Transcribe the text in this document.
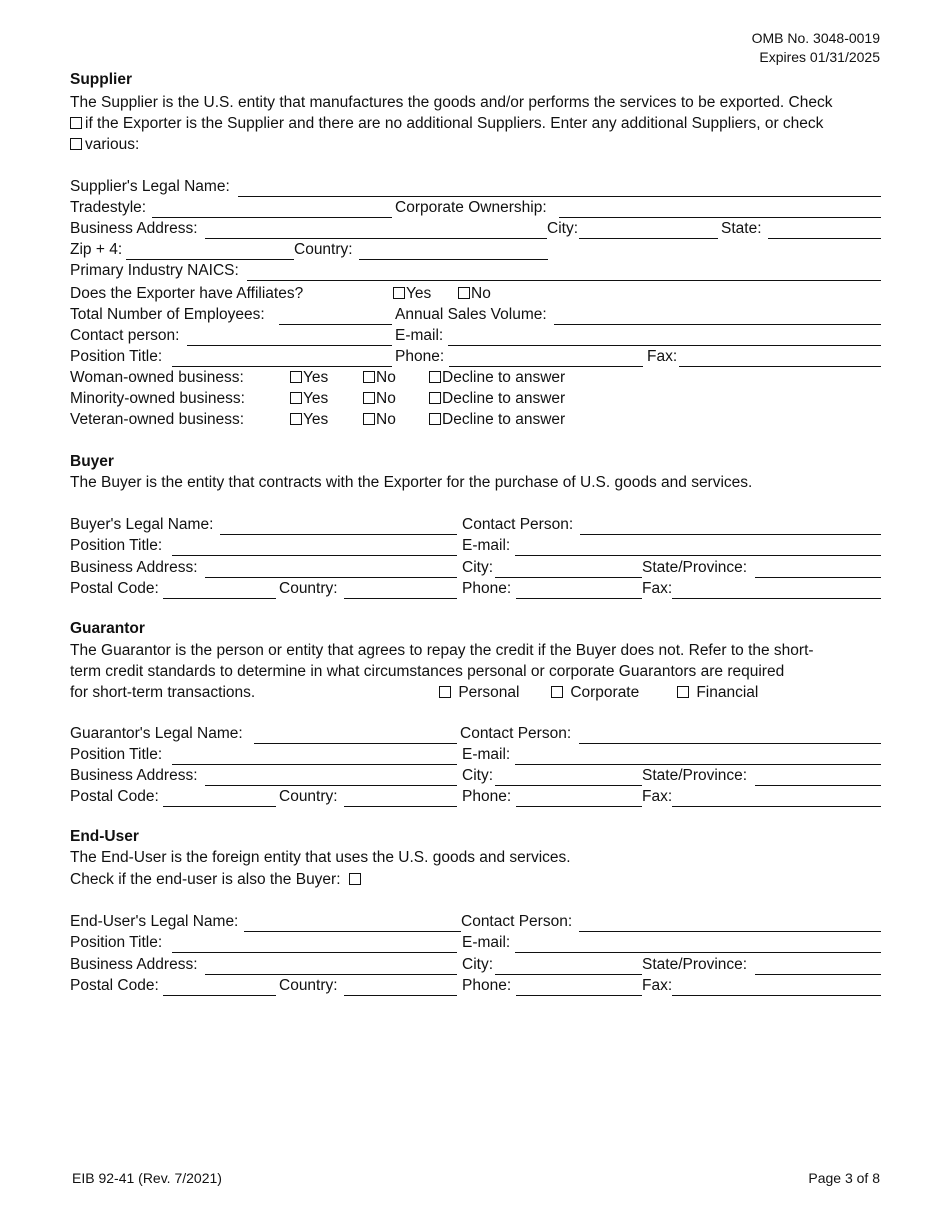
OMB No. 3048-0019
Expires 01/31/2025
Supplier
The Supplier is the U.S. entity that manufactures the goods and/or performs the services to be exported. Check
if the Exporter is the Supplier and there are no additional Suppliers. Enter any additional Suppliers, or check
various:
Supplier's Legal Name:
Tradestyle:	Corporate Ownership:
Business Address:	City:	State:
Zip + 4:	Country:
Primary Industry NAICS:
Does the Exporter have Affiliates?	Yes	No
Total Number of Employees:	Annual Sales Volume:
Contact person:	E-mail:
Position Title:	Phone:	Fax:
Woman-owned business:	Yes	No	Decline to answer
Minority-owned business:	Yes	No	Decline to answer
Veteran-owned business:	Yes	No	Decline to answer
Buyer
The Buyer is the entity that contracts with the Exporter for the purchase of U.S. goods and services.
Buyer's Legal Name:	Contact Person:
Position Title:	E-mail:
Business Address:	City:	State/Province:
Postal Code:	Country:	Phone:	Fax:
Guarantor
The Guarantor is the person or entity that agrees to repay the credit if the Buyer does not. Refer to the short-
term credit standards to determine in what circumstances personal or corporate Guarantors are required
for short-term transactions.	Personal	Corporate	Financial
Guarantor's Legal Name:	Contact Person:
Position Title:	E-mail:
Business Address:	City:	State/Province:
Postal Code:	Country:	Phone:	Fax:
End-User
The End-User is the foreign entity that uses the U.S. goods and services.
Check if the end-user is also the Buyer:
End-User's Legal Name:	Contact Person:
Position Title:	E-mail:
Business Address:	City:	State/Province:
Postal Code:	Country:	Phone:	Fax:
EIB 92-41 (Rev. 7/2021)	Page 3 of 8
